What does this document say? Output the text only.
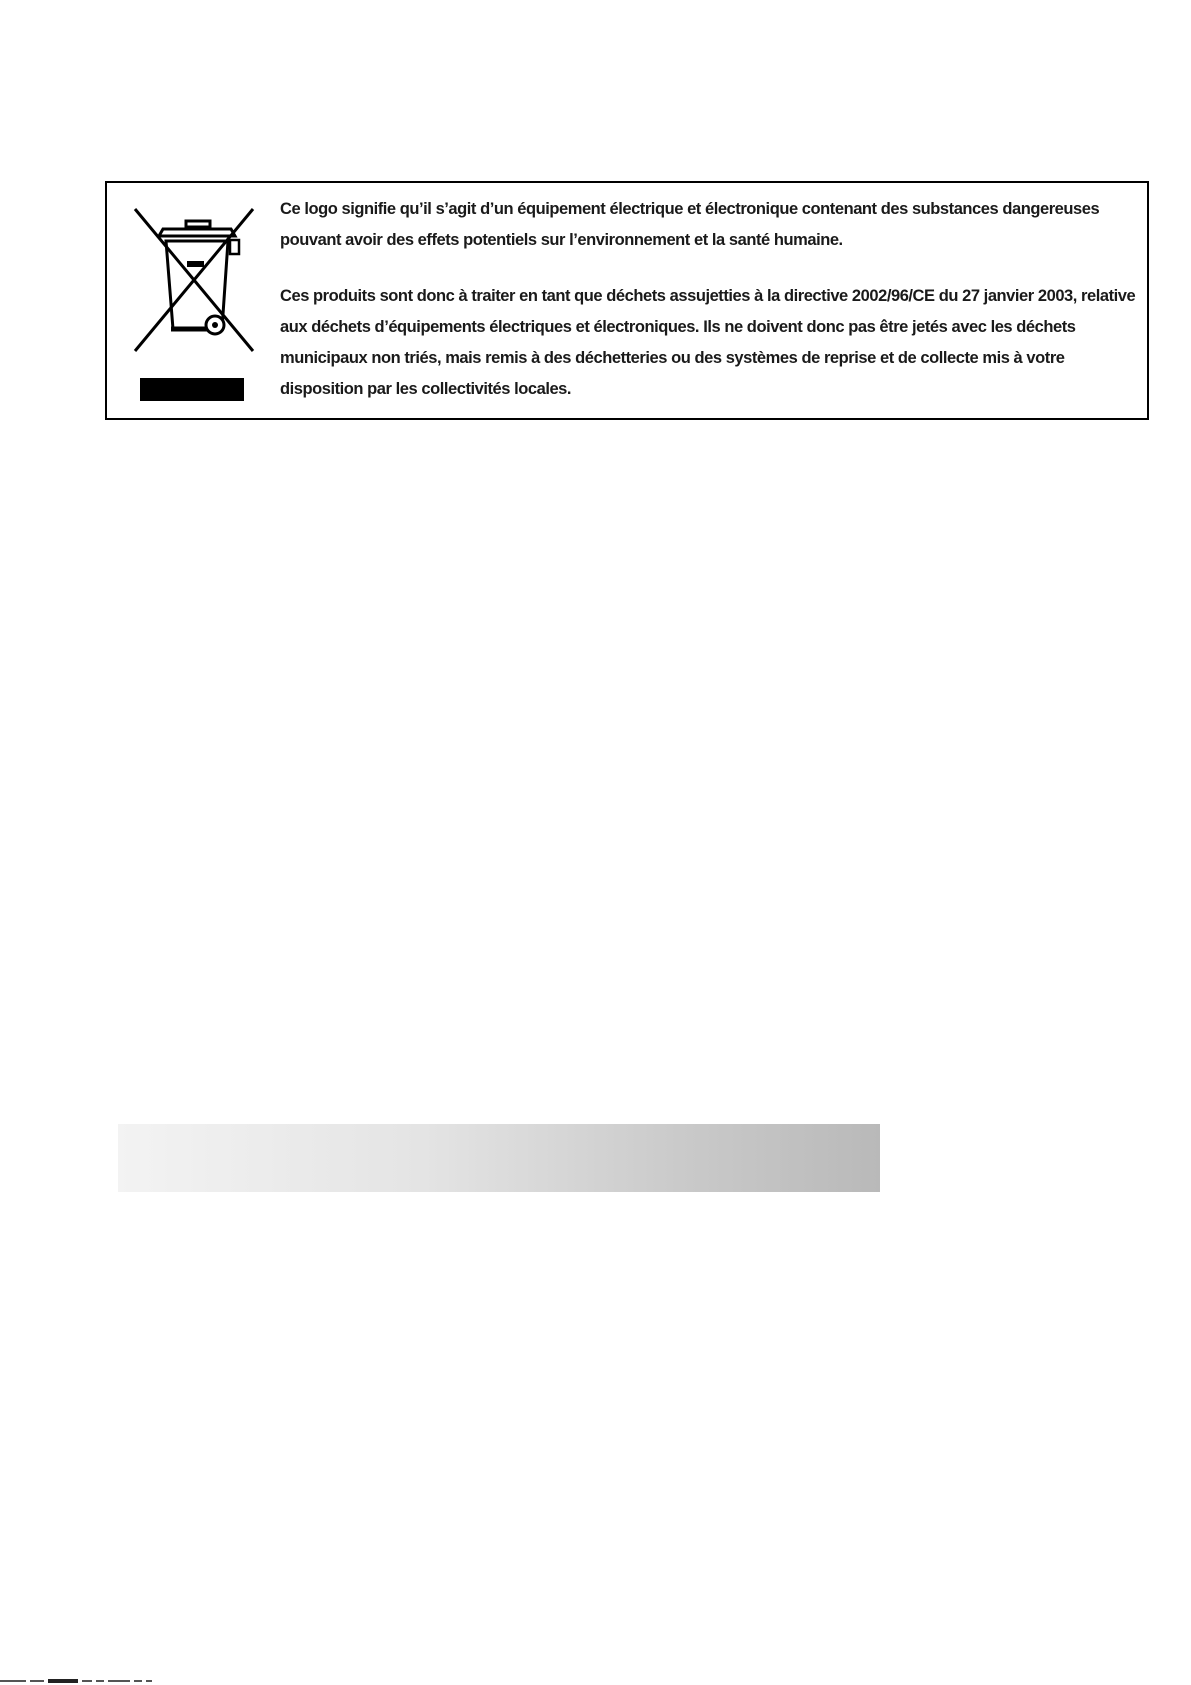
Ce logo signifie qu’il s’agit d’un équipement électrique et électronique contenant des substances dangereuses pouvant avoir des effets potentiels sur l’environnement et la santé humaine.

Ces produits sont donc à traiter en tant que déchets assujetties à la directive 2002/96/CE du 27 janvier 2003, relative aux déchets d’équipements électriques et électroniques. Ils ne doivent donc pas être jetés avec les déchets municipaux non triés, mais remis à des déchetteries ou des systèmes de reprise et de collecte mis à votre disposition par les collectivités locales.
